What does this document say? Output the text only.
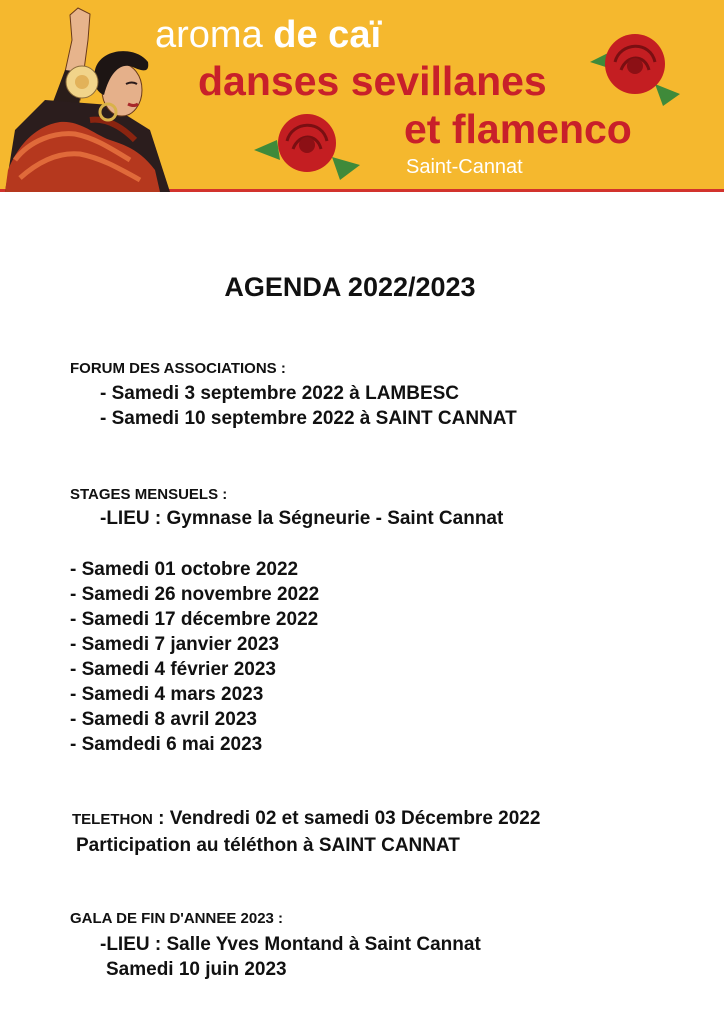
aroma de caï
danses sevillanes
et flamenco
Saint-Cannat
AGENDA 2022/2023
FORUM DES ASSOCIATIONS :
- Samedi 3 septembre 2022 à LAMBESC
- Samedi 10 septembre 2022 à SAINT CANNAT
STAGES MENSUELS :
-LIEU : Gymnase la Ségneurie - Saint Cannat
- Samedi 01 octobre 2022
- Samedi 26 novembre 2022
- Samedi 17 décembre 2022
- Samedi 7 janvier 2023
- Samedi 4 février 2023
- Samedi 4 mars 2023
- Samedi 8 avril 2023
- Samdedi 6 mai 2023
TELETHON : Vendredi 02 et samedi 03 Décembre 2022
Participation au téléthon à SAINT CANNAT
GALA DE FIN D'ANNEE 2023 :
-LIEU : Salle Yves Montand à Saint Cannat
Samedi 10 juin 2023
